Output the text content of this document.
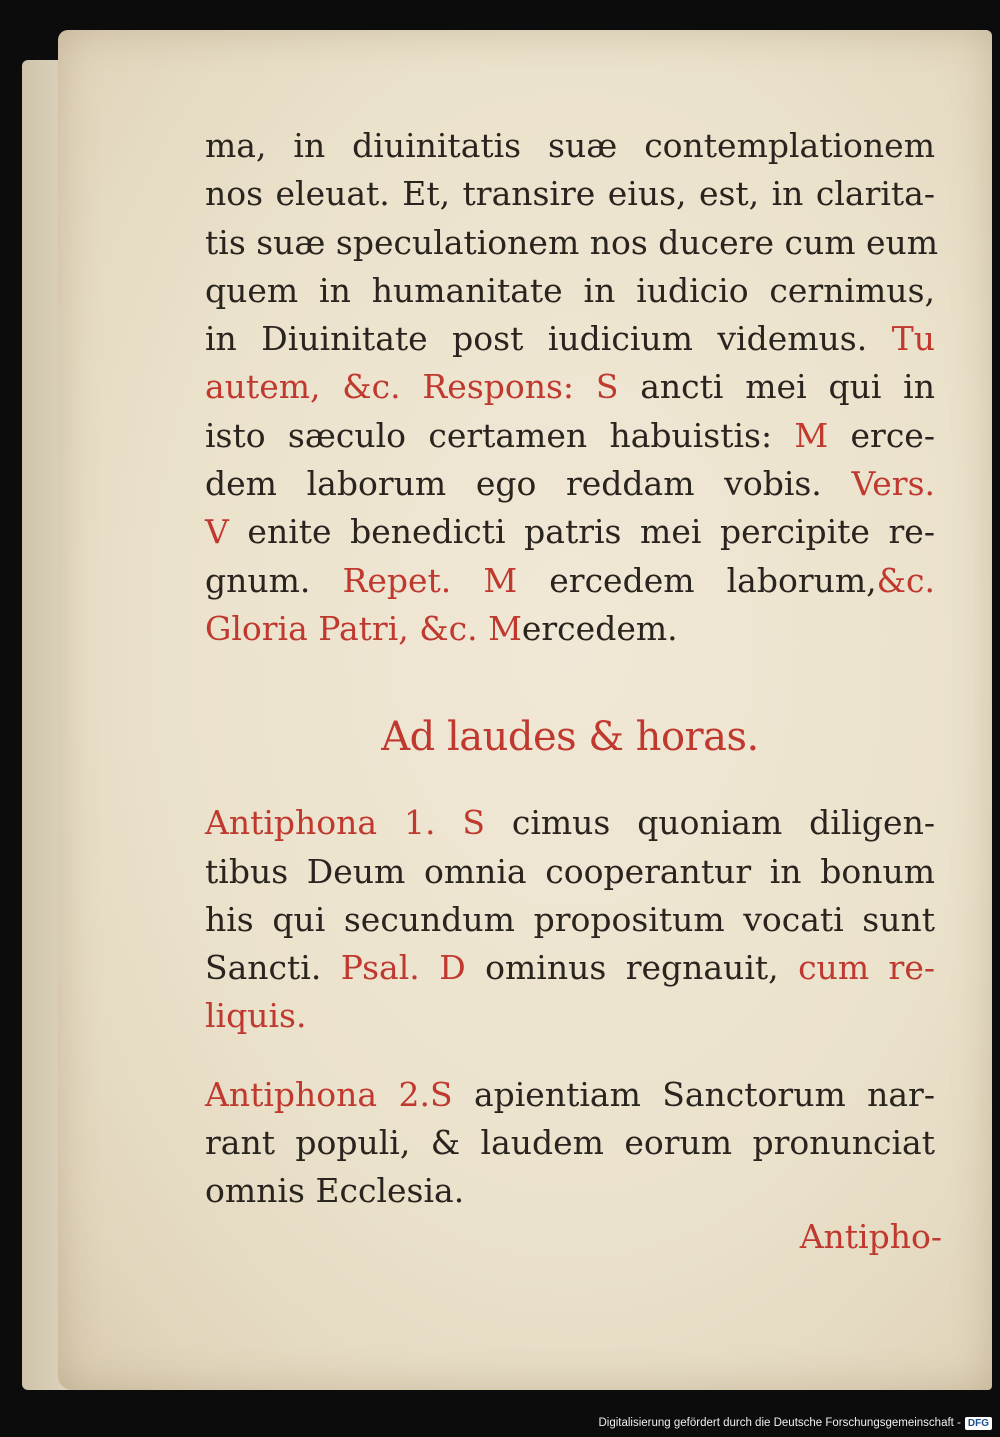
ma, in diuinitatis suæ contemplationem
nos eleuat. Et, transire eius, est, in clarita-
tis suæ speculationem nos ducere cum eum
quem in humanitate in iudicio cernimus,
in Diuinitate post iudicium videmus. Tu
autem, &c. Respons: S ancti mei qui in
isto sæculo certamen habuistis: M erce-
dem laborum ego reddam vobis. Vers.
V enite benedicti patris mei percipite re-
gnum. Repet. M ercedem laborum,&c.
Gloria Patri, &c. Mercedem.
Ad laudes & horas.
Antiphona 1. S cimus quoniam diligen-
tibus Deum omnia cooperantur in bonum
his qui secundum propositum vocati sunt
Sancti. Psal. D ominus regnauit, cum re-
liquis.
Antiphona 2.S apientiam Sanctorum nar-
rant populi, & laudem eorum pronunciat
omnis Ecclesia.
Antipho-
Digitalisierung gefördert durch die Deutsche Forschungsgemeinschaft - DFG
